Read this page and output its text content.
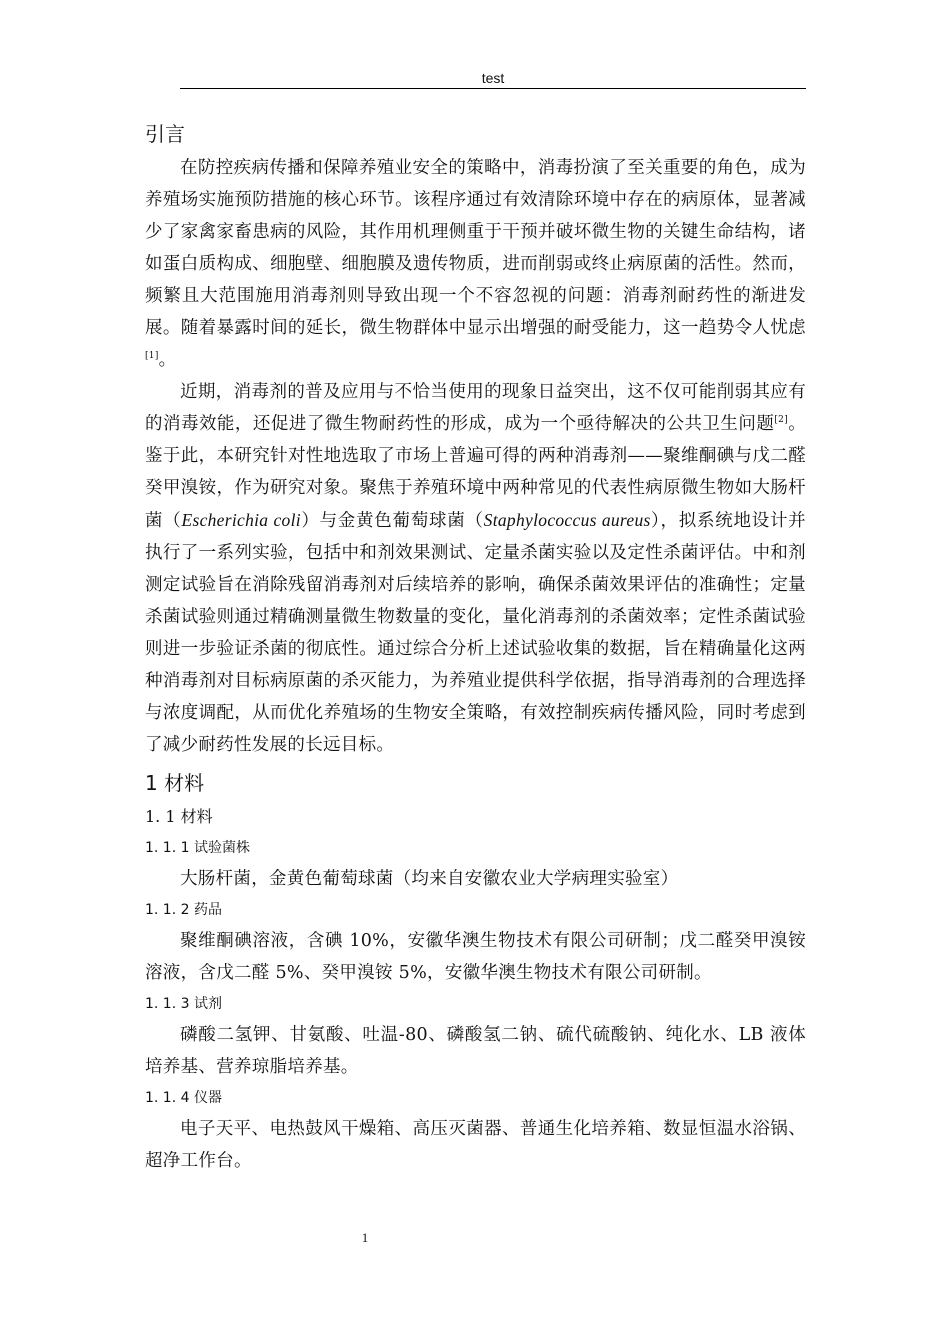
test
引言

在防控疾病传播和保障养殖业安全的策略中，消毒扮演了至关重要的角色，成为养殖场实施预防措施的核心环节。该程序通过有效清除环境中存在的病原体，显著减少了家禽家畜患病的风险，其作用机理侧重于干预并破坏微生物的关键生命结构，诸如蛋白质构成、细胞壁、细胞膜及遗传物质，进而削弱或终止病原菌的活性。然而，频繁且大范围施用消毒剂则导致出现一个不容忽视的问题：消毒剂耐药性的渐进发展。随着暴露时间的延长，微生物群体中显示出增强的耐受能力，这一趋势令人忧虑[1]。

近期，消毒剂的普及应用与不恰当使用的现象日益突出，这不仅可能削弱其应有的消毒效能，还促进了微生物耐药性的形成，成为一个亟待解决的公共卫生问题[2]。鉴于此，本研究针对性地选取了市场上普遍可得的两种消毒剂——聚维酮碘与戊二醛癸甲溴铵，作为研究对象。聚焦于养殖环境中两种常见的代表性病原微生物如大肠杆菌（Escherichia coli）与金黄色葡萄球菌（Staphylococcus aureus），拟系统地设计并执行了一系列实验，包括中和剂效果测试、定量杀菌实验以及定性杀菌评估。中和剂测定试验旨在消除残留消毒剂对后续培养的影响，确保杀菌效果评估的准确性；定量杀菌试验则通过精确测量微生物数量的变化，量化消毒剂的杀菌效率；定性杀菌试验则进一步验证杀菌的彻底性。通过综合分析上述试验收集的数据，旨在精确量化这两种消毒剂对目标病原菌的杀灭能力，为养殖业提供科学依据，指导消毒剂的合理选择与浓度调配，从而优化养殖场的生物安全策略，有效控制疾病传播风险，同时考虑到了减少耐药性发展的长远目标。

1 材料
1. 1 材料
1. 1. 1 试验菌株

大肠杆菌，金黄色葡萄球菌（均来自安徽农业大学病理实验室）

1. 1. 2 药品

聚维酮碘溶液，含碘 10%，安徽华澳生物技术有限公司研制；戊二醛癸甲溴铵溶液，含戊二醛 5%、癸甲溴铵 5%，安徽华澳生物技术有限公司研制。

1. 1. 3 试剂

磷酸二氢钾、甘氨酸、吐温-80、磷酸氢二钠、硫代硫酸钠、纯化水、LB 液体培养基、营养琼脂培养基。

1. 1. 4 仪器

电子天平、电热鼓风干燥箱、高压灭菌器、普通生化培养箱、数显恒温水浴锅、超净工作台。

1
